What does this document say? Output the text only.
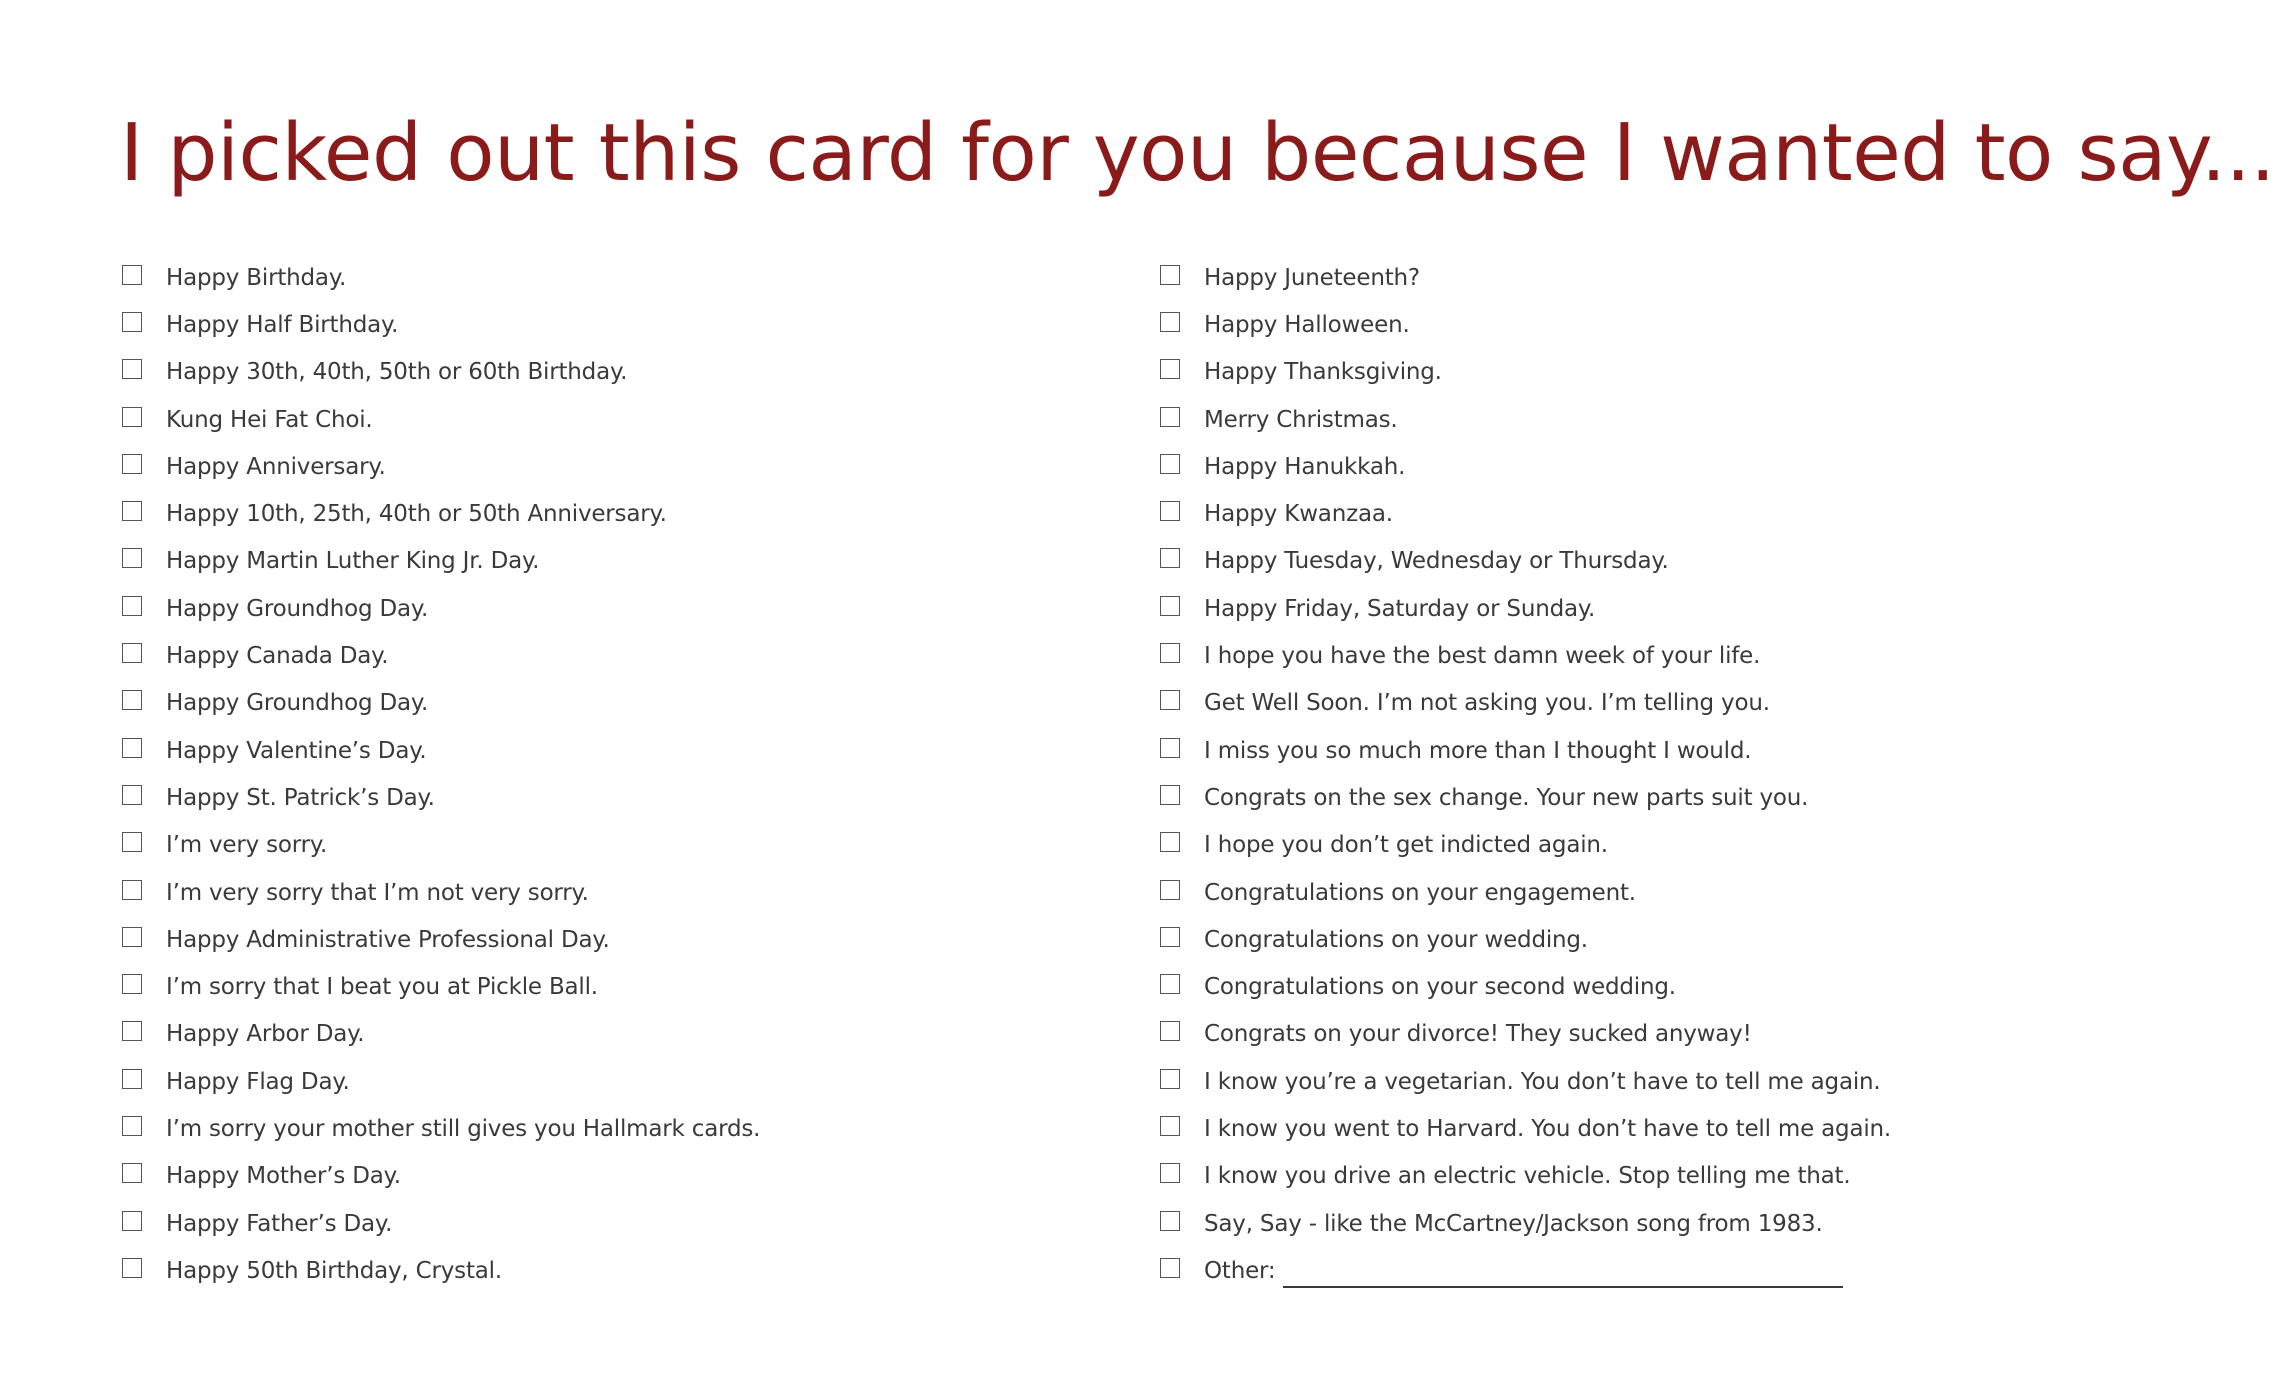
I picked out this card for you because I wanted to say...
Happy Birthday.
Happy Half Birthday.
Happy 30th, 40th, 50th or 60th Birthday.
Kung Hei Fat Choi.
Happy Anniversary.
Happy 10th, 25th, 40th or 50th Anniversary.
Happy Martin Luther King Jr. Day.
Happy Groundhog Day.
Happy Canada Day.
Happy Groundhog Day.
Happy Valentine’s Day.
Happy St. Patrick’s Day.
I’m very sorry.
I’m very sorry that I’m not very sorry.
Happy Administrative Professional Day.
I’m sorry that I beat you at Pickle Ball.
Happy Arbor Day.
Happy Flag Day.
I’m sorry your mother still gives you Hallmark cards.
Happy Mother’s Day.
Happy Father’s Day.
Happy 50th Birthday, Crystal.
Happy Juneteenth?
Happy Halloween.
Happy Thanksgiving.
Merry Christmas.
Happy Hanukkah.
Happy Kwanzaa.
Happy Tuesday, Wednesday or Thursday.
Happy Friday, Saturday or Sunday.
I hope you have the best damn week of your life.
Get Well Soon. I’m not asking you. I’m telling you.
I miss you so much more than I thought I would.
Congrats on the sex change. Your new parts suit you.
I hope you don’t get indicted again.
Congratulations on your engagement.
Congratulations on your wedding.
Congratulations on your second wedding.
Congrats on your divorce! They sucked anyway!
I know you’re a vegetarian. You don’t have to tell me again.
I know you went to Harvard. You don’t have to tell me again.
I know you drive an electric vehicle. Stop telling me that.
Say, Say - like the McCartney/Jackson song from 1983.
Other:
